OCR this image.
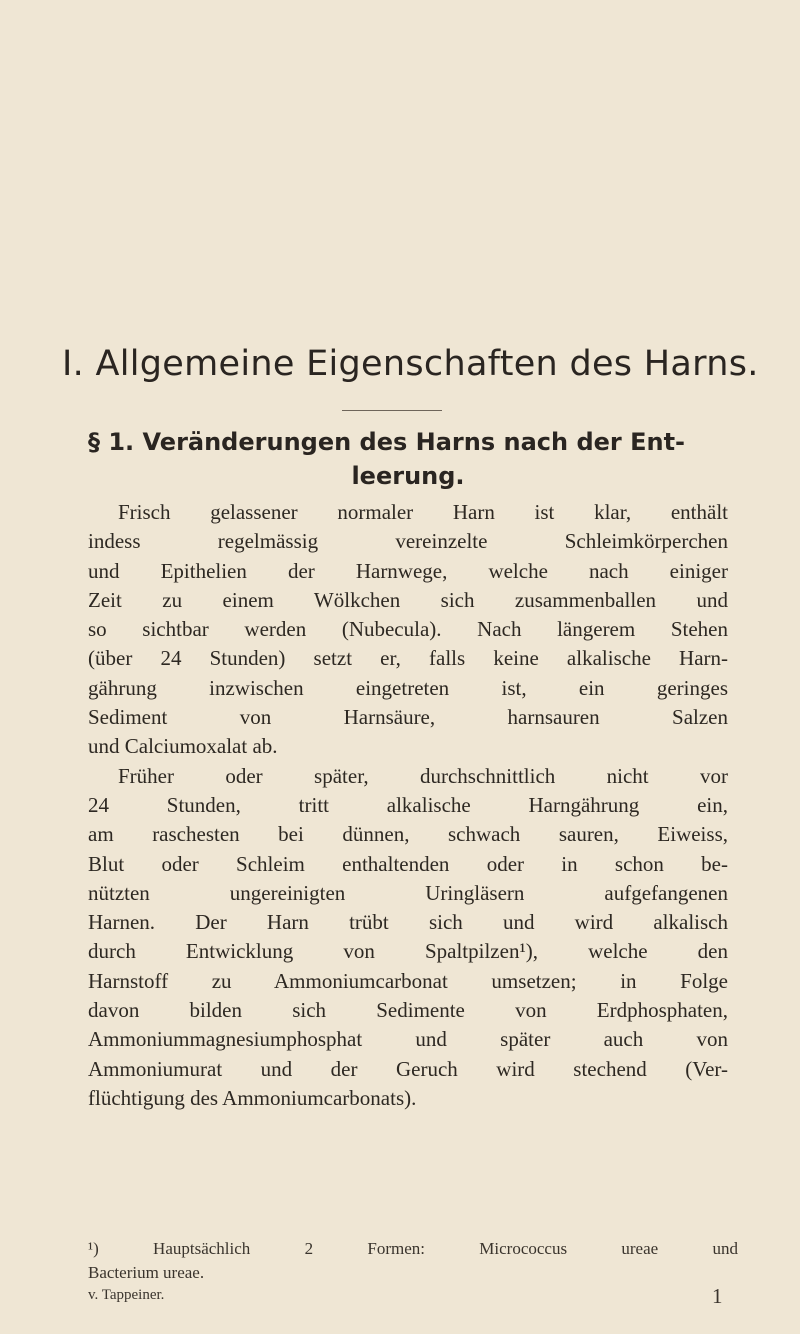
I. Allgemeine Eigenschaften des Harns.
§ 1. Veränderungen des Harns nach der Ent-
leerung.
Frisch gelassener normaler Harn ist klar, enthält
indess regelmässig vereinzelte Schleimkörperchen
und Epithelien der Harnwege, welche nach einiger
Zeit zu einem Wölkchen sich zusammenballen und
so sichtbar werden (Nubecula). Nach längerem Stehen
(über 24 Stunden) setzt er, falls keine alkalische Harn-
gährung inzwischen eingetreten ist, ein geringes
Sediment von Harnsäure, harnsauren Salzen
und Calciumoxalat ab.
Früher oder später, durchschnittlich nicht vor
24 Stunden, tritt alkalische Harngährung ein,
am raschesten bei dünnen, schwach sauren, Eiweiss,
Blut oder Schleim enthaltenden oder in schon be-
nützten ungereinigten Uringläsern aufgefangenen
Harnen. Der Harn trübt sich und wird alkalisch
durch Entwicklung von Spaltpilzen¹), welche den
Harnstoff zu Ammoniumcarbonat umsetzen; in Folge
davon bilden sich Sedimente von Erdphosphaten,
Ammoniummagnesiumphosphat und später auch von
Ammoniumurat und der Geruch wird stechend (Ver-
flüchtigung des Ammoniumcarbonats).
¹) Hauptsächlich 2 Formen: Micrococcus ureae und
Bacterium ureae.
v. Tappeiner.	1
